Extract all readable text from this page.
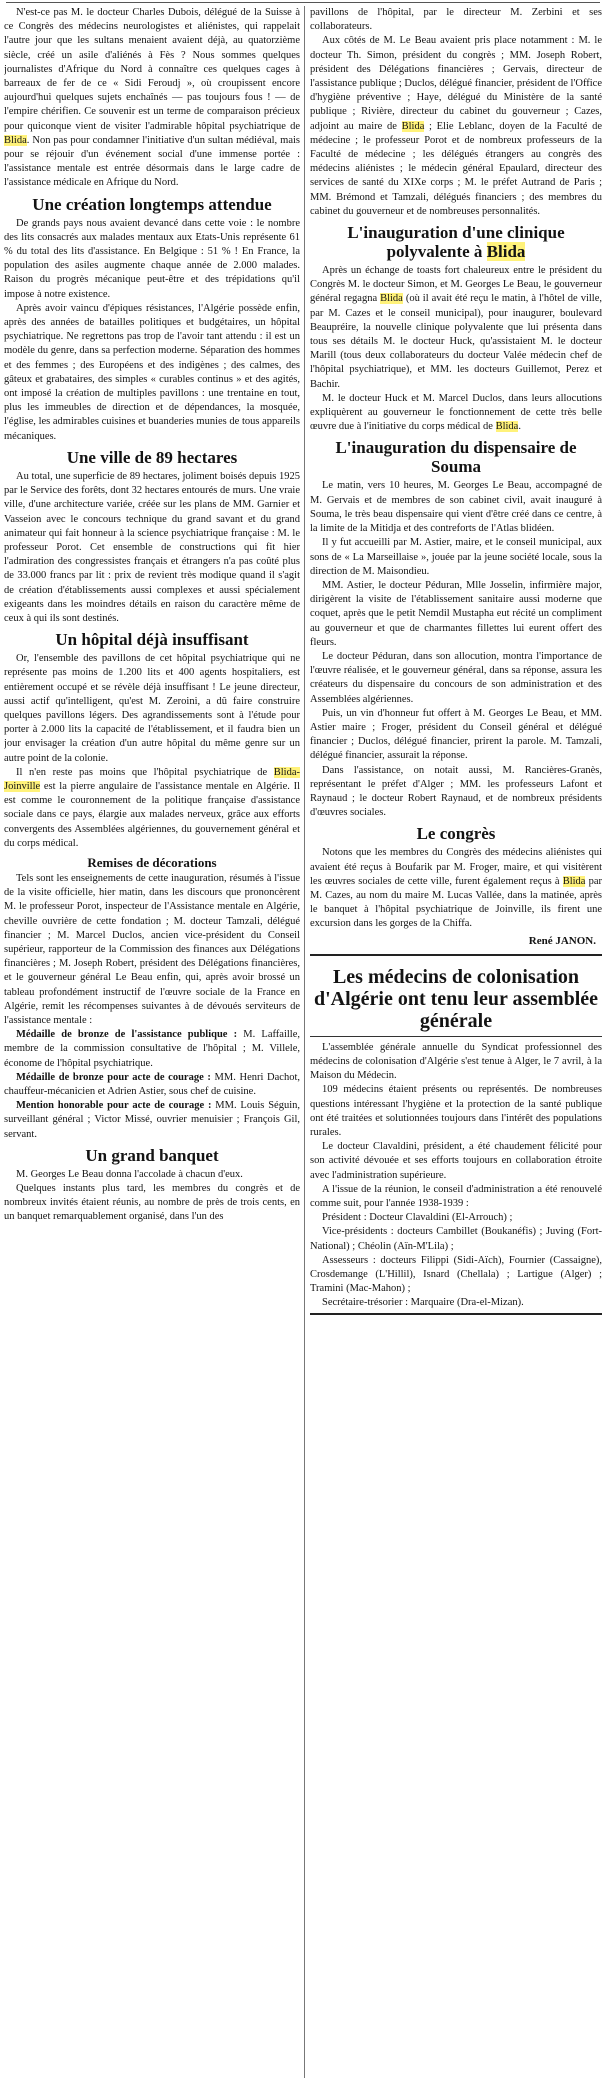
N'est-ce pas M. le docteur Charles Dubois, délégué de la Suisse à ce Congrès des médecins neurologistes et aliénistes, qui rappelait l'autre jour que les sultans menaient avaient déjà, au quatorzième siècle, créé un asile d'aliénés à Fès ? Nous sommes quelques journalistes d'Afrique du Nord à connaître ces quelques cages à barreaux de fer de ce « Sidi Feroudj », où croupissent encore aujourd'hui quelques sujets enchaînés — pas toujours fous ! — de l'empire chérifien. Ce souvenir est un terme de comparaison précieux pour quiconque vient de visiter l'admirable hôpital psychiatrique de Blida. Non pas pour condamner l'initiative d'un sultan médiéval, mais pour se réjouir d'un événement social d'une immense portée : l'assistance mentale est entrée désormais dans le large cadre de l'assistance médicale en Afrique du Nord.

Une création longtemps attendue

De grands pays nous avaient devancé dans cette voie : le nombre des lits consacrés aux malades mentaux aux Etats-Unis représente 61 % du total des lits d'assistance. En Belgique : 51 % ! En France, la population des asiles augmente chaque année de 2.000 malades. Raison du progrès mécanique peut-être et des trépidations qu'il impose à notre existence.

Après avoir vaincu d'épiques résistances, l'Algérie possède enfin, après des années de batailles politiques et budgétaires, un hôpital psychiatrique. Ne regrettons pas trop de l'avoir tant attendu : il est un modèle du genre, dans sa perfection moderne. Séparation des hommes et des femmes ; des Européens et des indigènes ; des calmes, des gâteux et grabataires, des simples « curables continus » et des agités, ont imposé la création de multiples pavillons : une trentaine en tout, plus les immeubles de direction et de dépendances, la mosquée, l'église, les admirables cuisines et buanderies munies de tous appareils mécaniques.

Une ville de 89 hectares

Au total, une superficie de 89 hectares, joliment boisés depuis 1925 par le Service des forêts, dont 32 hectares entourés de murs. Une vraie ville, d'une architecture variée, créée sur les plans de MM. Garnier et Vasseion avec le concours technique du grand savant et du grand animateur qui fait honneur à la science psychiatrique française : M. le professeur Porot. Cet ensemble de constructions qui fit hier l'admiration des congressistes français et étrangers n'a pas coûté plus de 33.000 francs par lit : prix de revient très modique quand il s'agit de création d'établissements aussi complexes et aussi spécialement exigeants dans les moindres détails en raison du caractère même de ceux à qui ils sont destinés.

Un hôpital déjà insuffisant

Or, l'ensemble des pavillons de cet hôpital psychiatrique qui ne représente pas moins de 1.200 lits et 400 agents hospitaliers, est entièrement occupé et se révèle déjà insuffisant ! Le jeune directeur, aussi actif qu'intelligent, qu'est M. Zeroini, a dû faire construire quelques pavillons légers. Des agrandissements sont à l'étude pour porter à 2.000 lits la capacité de l'établissement, et il faudra bien un jour envisager la création d'un autre hôpital du même genre sur un autre point de la colonie.

Il n'en reste pas moins que l'hôpital psychiatrique de Blida-Joinville est la pierre angulaire de l'assistance mentale en Algérie. Il est comme le couronnement de la politique française d'assistance sociale dans ce pays, élargie aux malades nerveux, grâce aux efforts convergents des Assemblées algériennes, du gouvernement général et du corps médical.

Remises de décorations

Tels sont les enseignements de cette inauguration, résumés à l'issue de la visite officielle, hier matin, dans les discours que prononcèrent M. le professeur Porot, inspecteur de l'Assistance mentale en Algérie, cheville ouvrière de cette fondation ; M. docteur Tamzali, délégué financier ; M. Marcel Duclos, ancien vice-président du Conseil supérieur, rapporteur de la Commission des finances aux Délégations financières ; M. Joseph Robert, président des Délégations financières, et le gouverneur général Le Beau enfin, qui, après avoir brossé un tableau profondément instructif de l'œuvre sociale de la France en Algérie, remit les récompenses suivantes à de dévoués serviteurs de l'assistance mentale :

Médaille de bronze de l'assistance publique : M. Laffaille, membre de la commission consultative de l'hôpital ; M. Villele, économe de l'hôpital psychiatrique.

Médaille de bronze pour acte de courage : MM. Henri Dachot, chauffeur-mécanicien et Adrien Astier, sous chef de cuisine.

Mention honorable pour acte de courage : MM. Louis Séguin, surveillant général ; Victor Missé, ouvrier menuisier ; François Gil, servant.

Un grand banquet

M. Georges Le Beau donna l'accolade à chacun d'eux.

Quelques instants plus tard, les membres du congrès et de nombreux invités étaient réunis, au nombre de près de trois cents, en un banquet remarquablement organisé, dans l'un des

pavillons de l'hôpital, par le directeur M. Zerbini et ses collaborateurs.

Aux côtés de M. Le Beau avaient pris place notamment : M. le docteur Th. Simon, président du congrès ; MM. Joseph Robert, président des Délégations financières ; Gervais, directeur de l'assistance publique ; Duclos, délégué financier, président de l'Office d'hygiène préventive ; Haye, délégué du Ministère de la santé publique ; Rivière, directeur du cabinet du gouverneur ; Cazes, adjoint au maire de Blida ; Elie Leblanc, doyen de la Faculté de médecine ; le professeur Porot et de nombreux professeurs de la Faculté de médecine ; les délégués étrangers au congrès des médecins aliénistes ; le médecin général Epaulard, directeur des services de santé du XIXe corps ; M. le préfet Autrand de Paris ; MM. Brémond et Tamzali, délégués financiers ; des membres du cabinet du gouverneur et de nombreuses personnalités.

L'inauguration d'une clinique polyvalente à Blida

Après un échange de toasts fort chaleureux entre le président du Congrès M. le docteur Simon, et M. Georges Le Beau, le gouverneur général regagna Blida (où il avait été reçu le matin, à l'hôtel de ville, par M. Cazes et le conseil municipal), pour inaugurer, boulevard Beaupréire, la nouvelle clinique polyvalente que lui présenta dans tous ses détails M. le docteur Huck, qu'assistaient M. le docteur Marill (tous deux collaborateurs du docteur Valée médecin chef de l'hôpital psychiatrique), et MM. les docteurs Guillemot, Perez et Bachir.

M. le docteur Huck et M. Marcel Duclos, dans leurs allocutions expliquèrent au gouverneur le fonctionnement de cette très belle œuvre due à l'initiative du corps médical de Blida.

L'inauguration du dispensaire de Souma

Le matin, vers 10 heures, M. Georges Le Beau, accompagné de M. Gervais et de membres de son cabinet civil, avait inauguré à Souma, le très beau dispensaire qui vient d'être créé dans ce centre, à la limite de la Mitidja et des contreforts de l'Atlas blidéen.

Il y fut accueilli par M. Astier, maire, et le conseil municipal, aux sons de « La Marseillaise », jouée par la jeune société locale, sous la direction de M. Maisondieu.

MM. Astier, le docteur Péduran, Mlle Josselin, infirmière major, dirigèrent la visite de l'établissement sanitaire aussi moderne que coquet, après que le petit Nemdil Mustapha eut récité un compliment au gouverneur et que de charmantes fillettes lui eurent offert des fleurs.

Le docteur Péduran, dans son allocution, montra l'importance de l'œuvre réalisée, et le gouverneur général, dans sa réponse, assura les créateurs du dispensaire du concours de son administration et des Assemblées algériennes.

Puis, un vin d'honneur fut offert à M. Georges Le Beau, et MM. Astier maire ; Froger, président du Conseil général et délégué financier ; Duclos, délégué financier, prirent la parole. M. Tamzali, délégué financier, assurait la réponse.

Dans l'assistance, on notait aussi, M. Rancières-Granès, représentant le préfet d'Alger ; MM. les professeurs Lafont et Raynaud ; le docteur Robert Raynaud, et de nombreux présidents d'œuvres sociales.

Le congrès

Notons que les membres du Congrès des médecins aliénistes qui avaient été reçus à Boufarik par M. Froger, maire, et qui visitèrent les œuvres sociales de cette ville, furent également reçus à Blida par M. Cazes, au nom du maire M. Lucas Vallée, dans la matinée, après le banquet à l'hôpital psychiatrique de Joinville, ils firent une excursion dans les gorges de la Chiffa.

René JANON.

Les médecins de colonisation d'Algérie ont tenu leur assemblée générale

L'assemblée générale annuelle du Syndicat professionnel des médecins de colonisation d'Algérie s'est tenue à Alger, le 7 avril, à la Maison du Médecin.

109 médecins étaient présents ou représentés. De nombreuses questions intéressant l'hygiène et la protection de la santé publique ont été traitées et solutionnées toujours dans l'intérêt des populations rurales.

Le docteur Clavaldini, président, a été chaudement félicité pour son activité dévouée et ses efforts toujours en collaboration étroite avec l'administration supérieure.

A l'issue de la réunion, le conseil d'administration a été renouvelé comme suit, pour l'année 1938-1939 :

Président : Docteur Clavaldini (El-Arrouch) ;

Vice-présidents : docteurs Cambillet (Boukanéfis) ; Juving (Fort-National) ; Chéolin (Aïn-M'Lila) ;

Assesseurs : docteurs Filippi (Sidi-Aïch), Fournier (Cassaigne), Crosdemange (L'Hillil), Isnard (Chellala) ; Lartigue (Alger) ; Tramini (Mac-Mahon) ;

Secrétaire-trésorier : Marquaire (Dra-el-Mizan).
